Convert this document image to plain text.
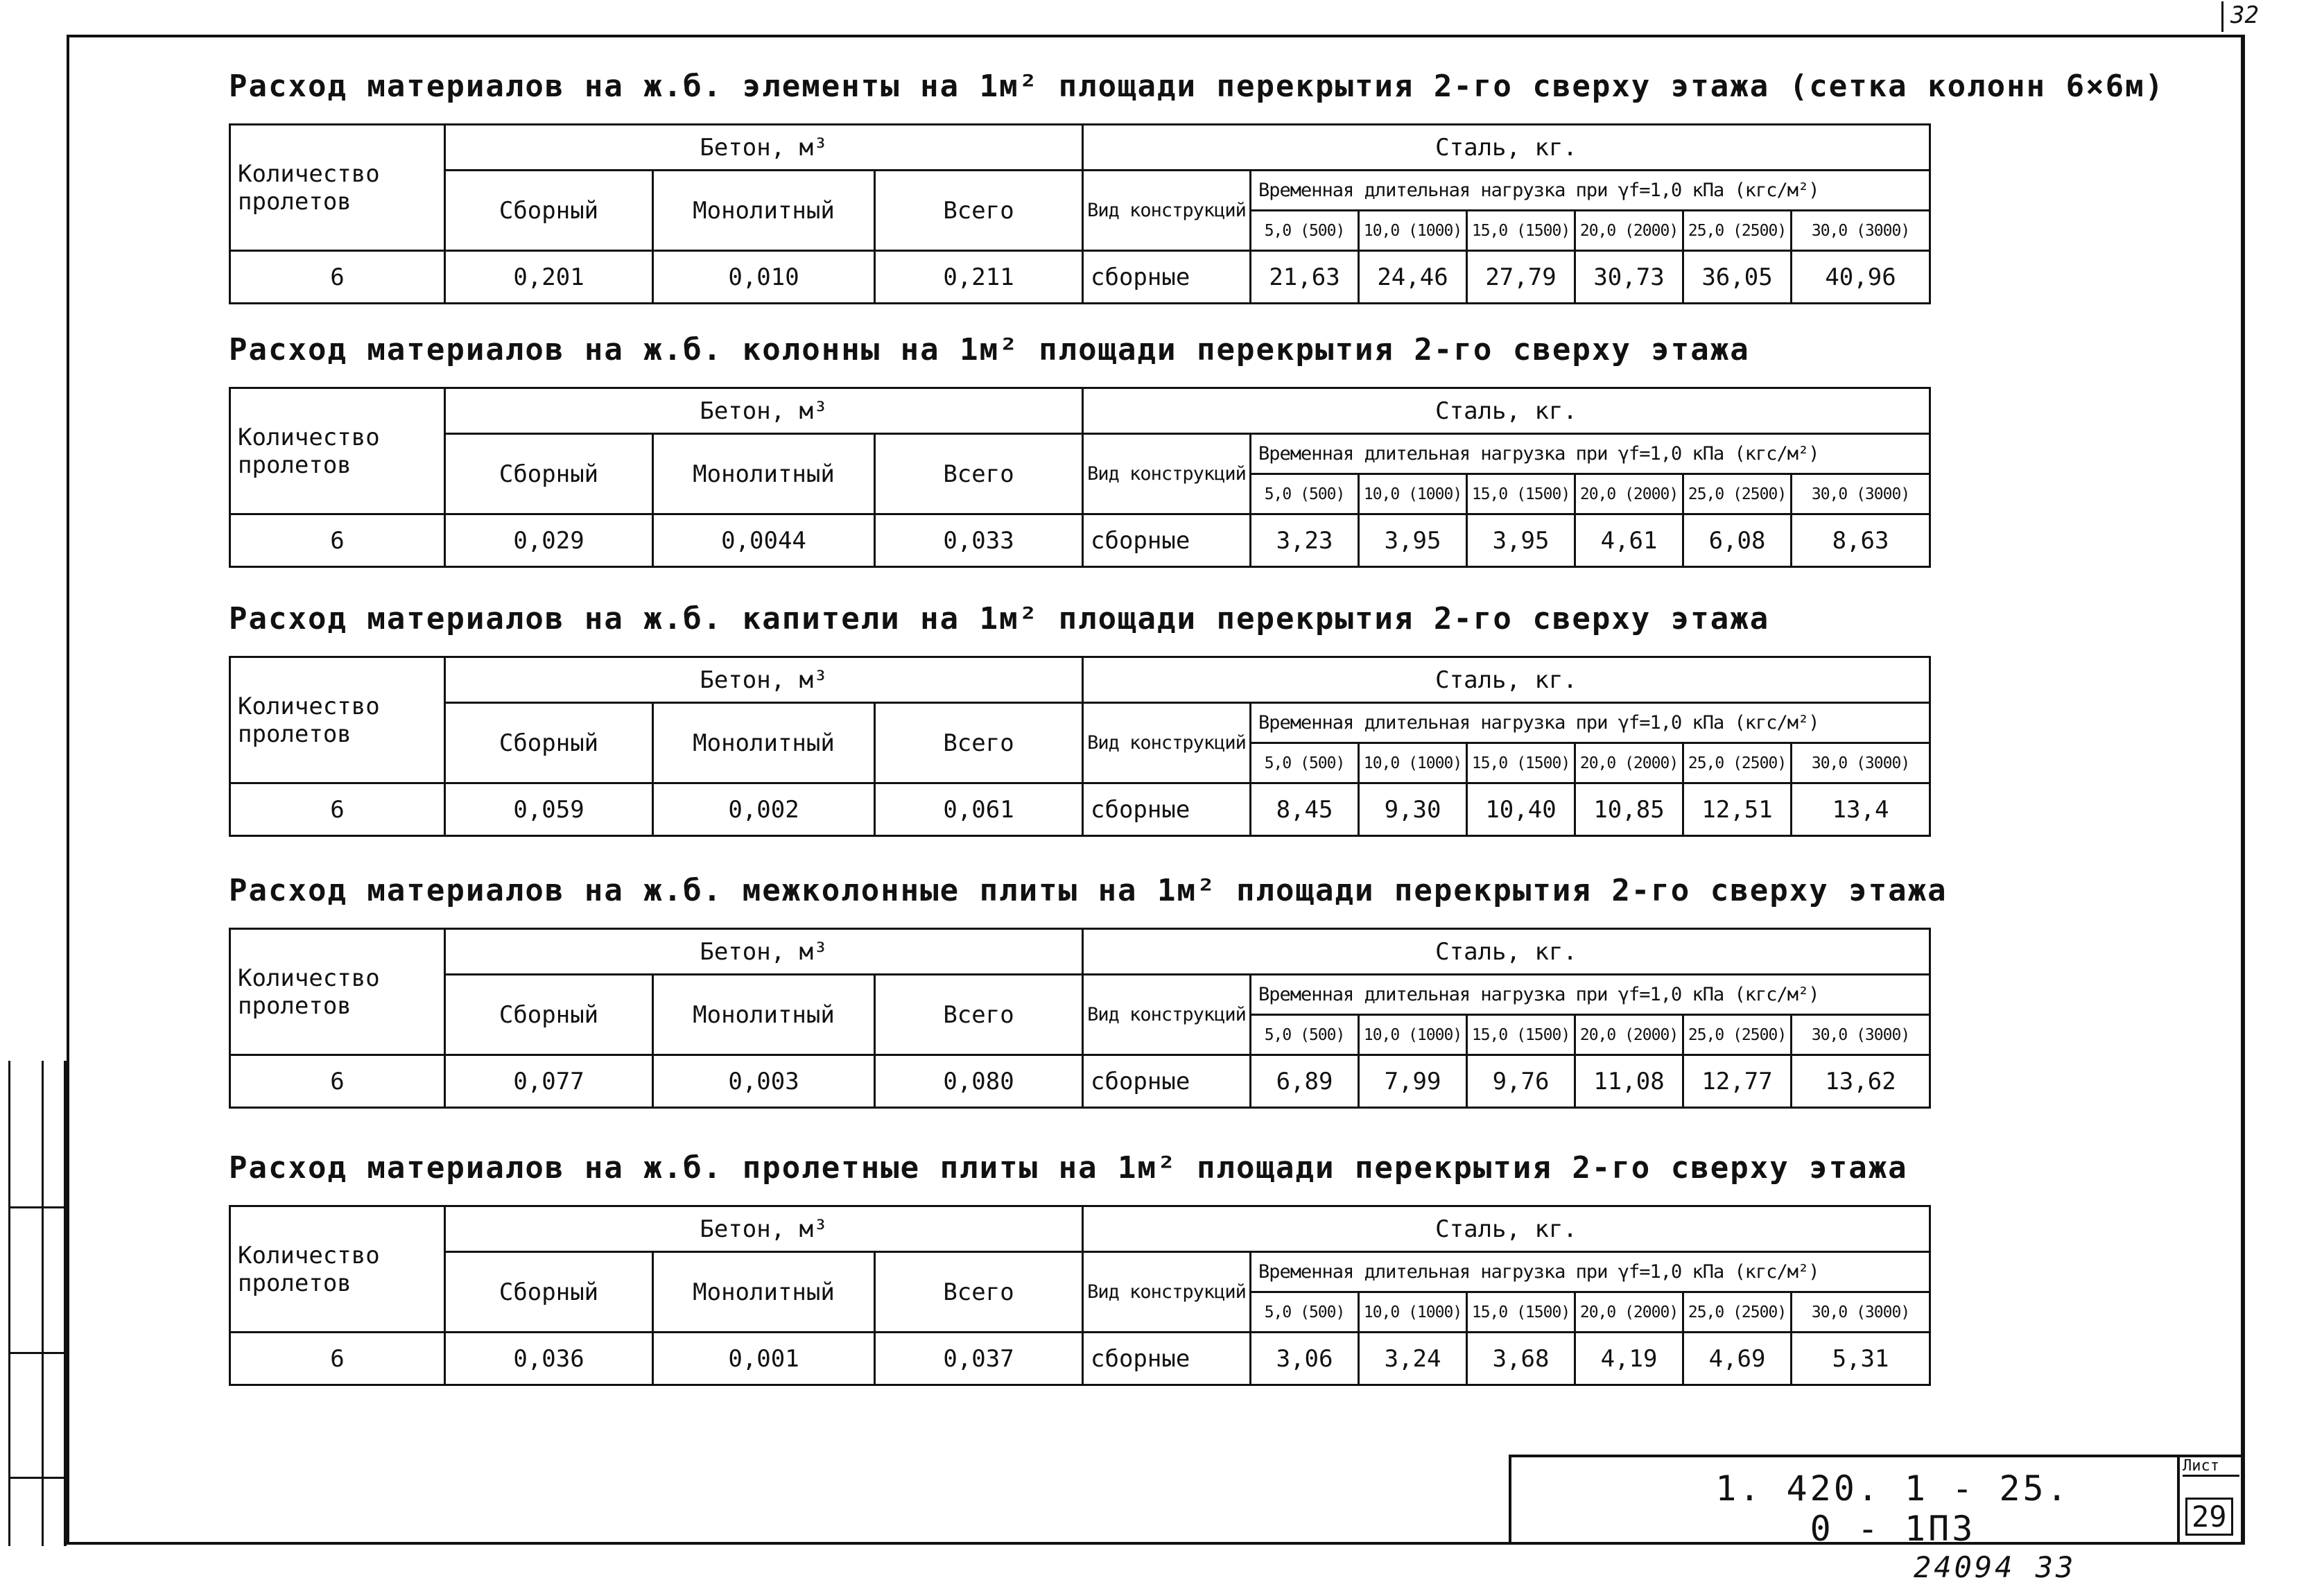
32
Расход материалов на ж.б. элементы на 1м² площади перекрытия 2-го сверху этажа (сетка колонн 6×6м)
Количество пролетов	Бетон, м³			Сталь, кг.						
	Сборный	Монолитный	Всего	Вид конструкций	Временная длительная нагрузка при γf=1,0 кПа (кгс/м²)					
					5,0 (500)	10,0 (1000)	15,0 (1500)	20,0 (2000)	25,0 (2500)	30,0 (3000)
6	0,201	0,010	0,211	сборные	21,63	24,46	27,79	30,73	36,05	40,96
Расход материалов на ж.б. колонны на 1м² площади перекрытия 2-го сверху этажа
Количество пролетов	Бетон, м³			Сталь, кг.						
	Сборный	Монолитный	Всего	Вид конструкций	Временная длительная нагрузка при γf=1,0 кПа (кгс/м²)					
					5,0 (500)	10,0 (1000)	15,0 (1500)	20,0 (2000)	25,0 (2500)	30,0 (3000)
6	0,029	0,0044	0,033	сборные	3,23	3,95	3,95	4,61	6,08	8,63
Расход материалов на ж.б. капители на 1м² площади перекрытия 2-го сверху этажа
Количество пролетов	Бетон, м³			Сталь, кг.						
	Сборный	Монолитный	Всего	Вид конструкций	Временная длительная нагрузка при γf=1,0 кПа (кгс/м²)					
					5,0 (500)	10,0 (1000)	15,0 (1500)	20,0 (2000)	25,0 (2500)	30,0 (3000)
6	0,059	0,002	0,061	сборные	8,45	9,30	10,40	10,85	12,51	13,4
Расход материалов на ж.б. межколонные плиты на 1м² площади перекрытия 2-го сверху этажа
Количество пролетов	Бетон, м³			Сталь, кг.						
	Сборный	Монолитный	Всего	Вид конструкций	Временная длительная нагрузка при γf=1,0 кПа (кгс/м²)					
					5,0 (500)	10,0 (1000)	15,0 (1500)	20,0 (2000)	25,0 (2500)	30,0 (3000)
6	0,077	0,003	0,080	сборные	6,89	7,99	9,76	11,08	12,77	13,62
Расход материалов на ж.б. пролетные плиты на 1м² площади перекрытия 2-го сверху этажа
Количество пролетов	Бетон, м³			Сталь, кг.						
	Сборный	Монолитный	Всего	Вид конструкций	Временная длительная нагрузка при γf=1,0 кПа (кгс/м²)					
					5,0 (500)	10,0 (1000)	15,0 (1500)	20,0 (2000)	25,0 (2500)	30,0 (3000)
6	0,036	0,001	0,037	сборные	3,06	3,24	3,68	4,19	4,69	5,31
1. 420. 1 - 25. 0 - 1П3
Лист
29
24094 33
